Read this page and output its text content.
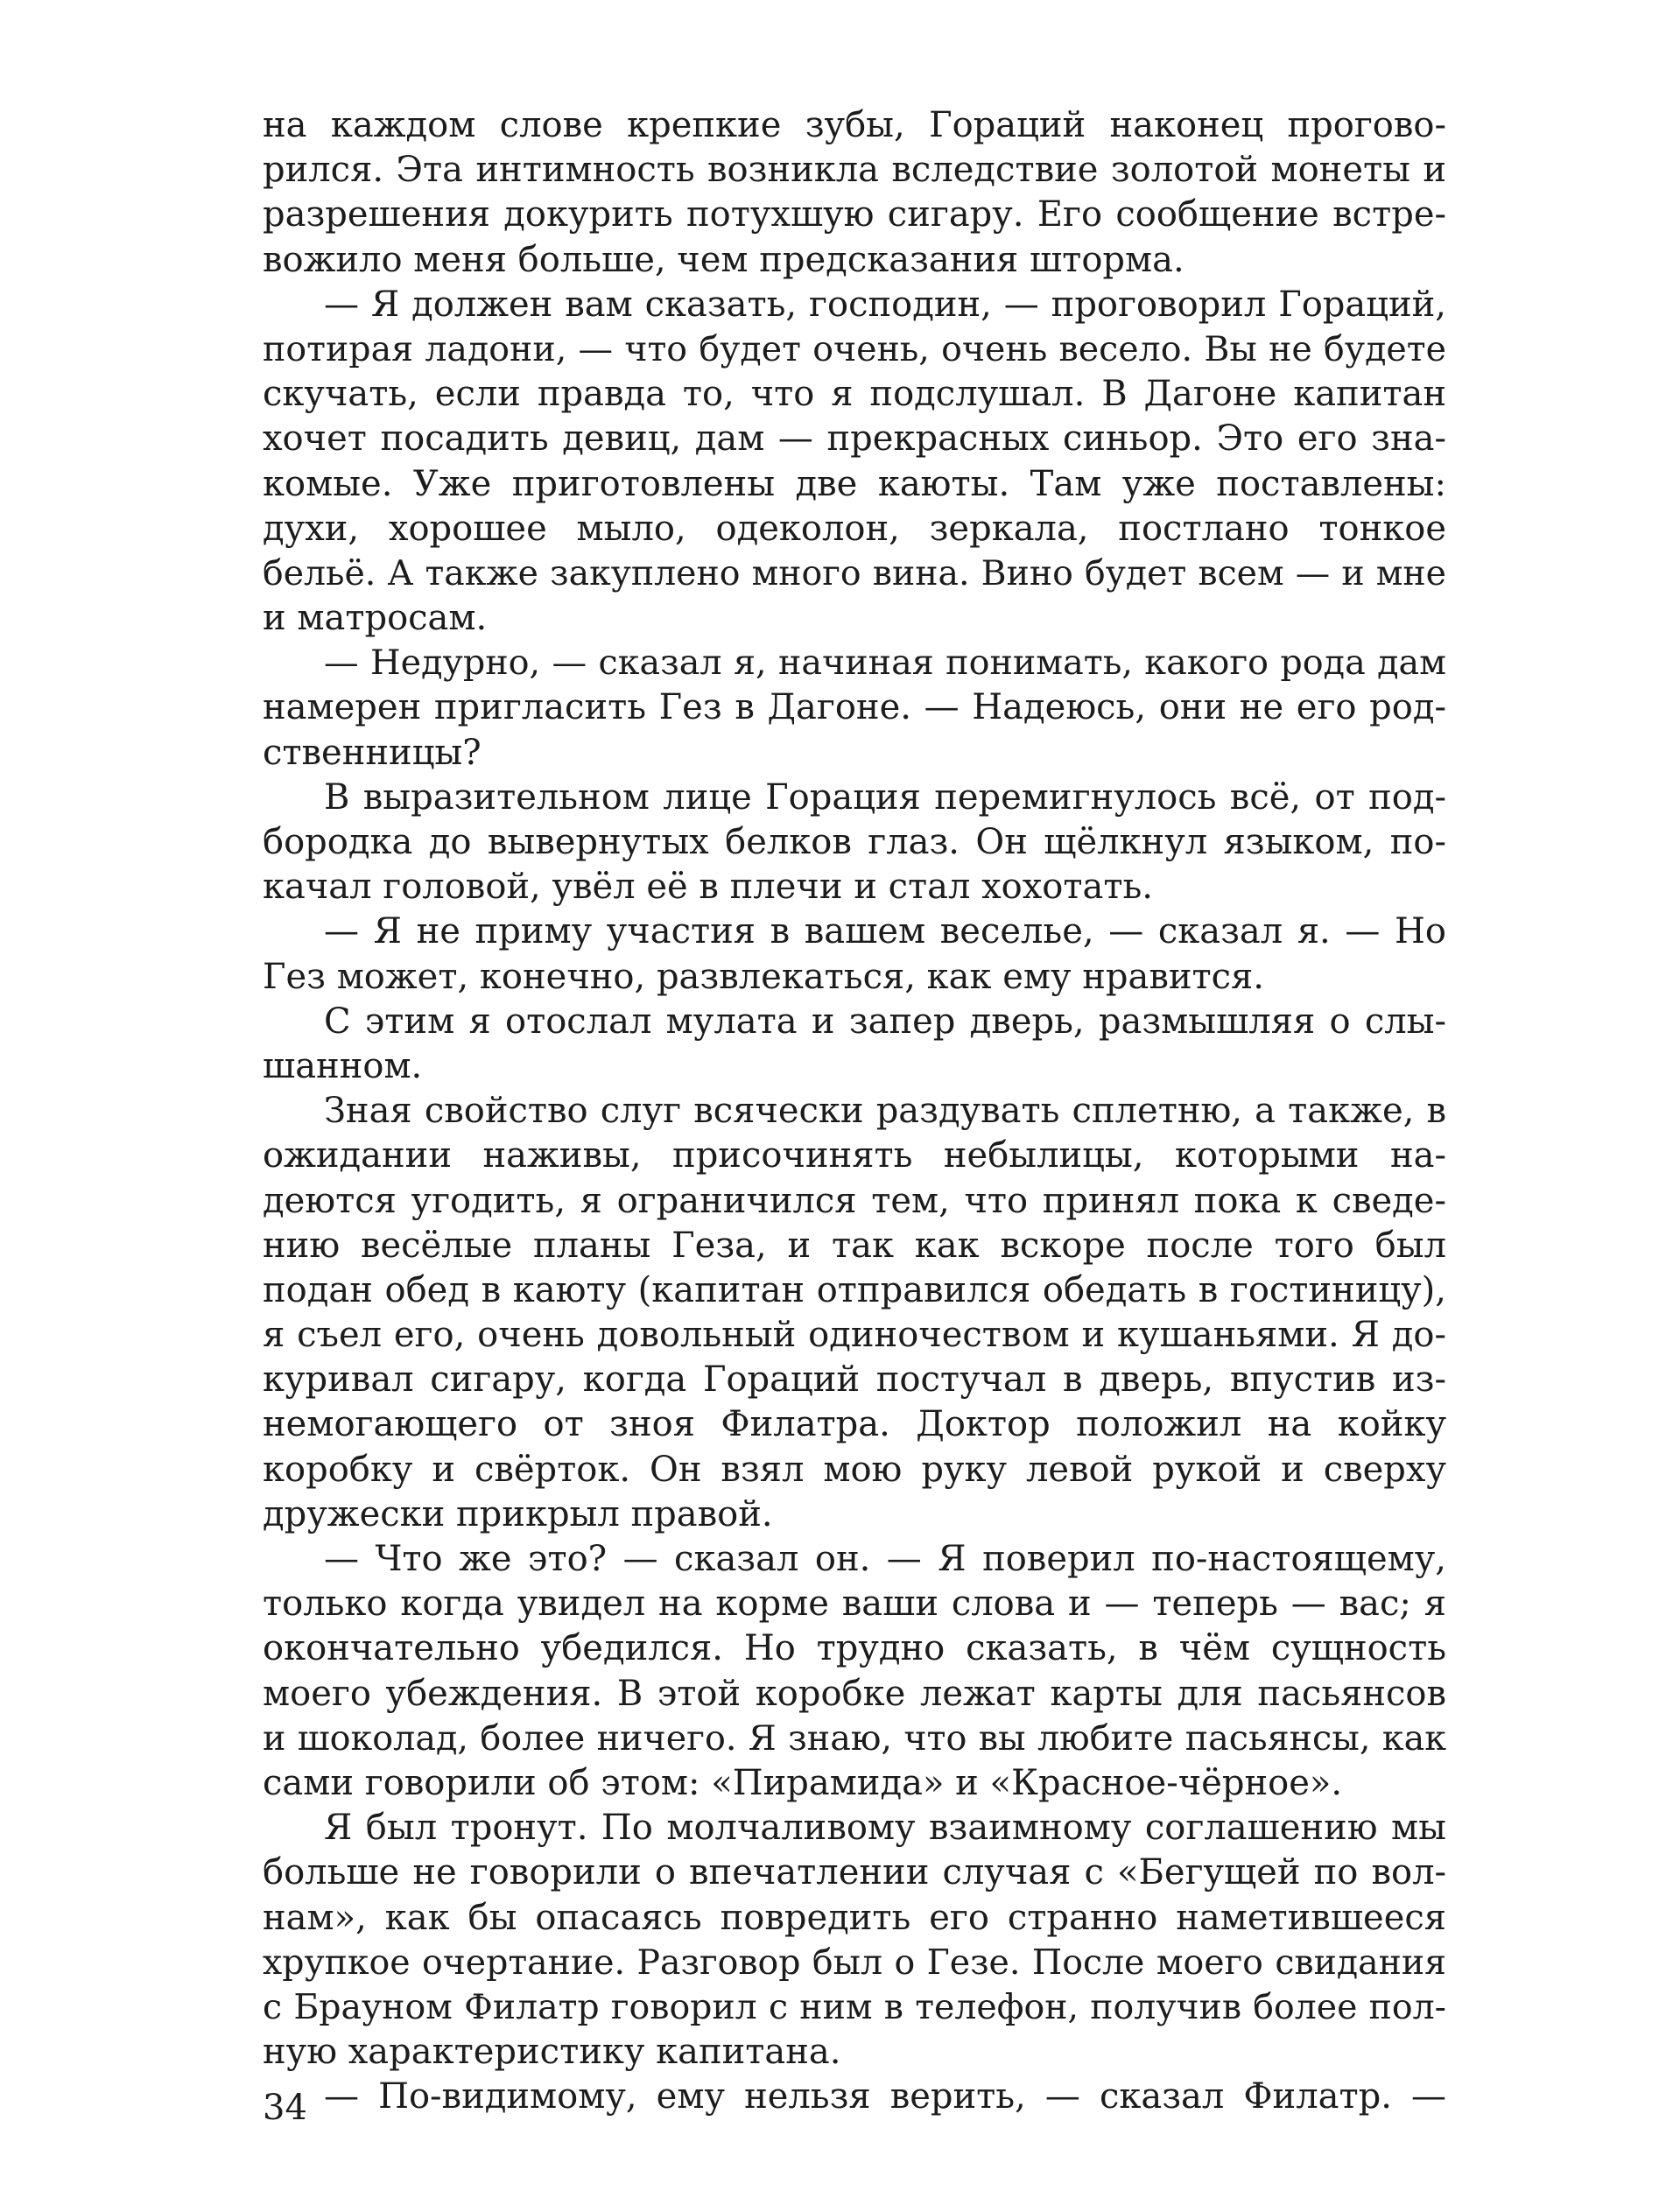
на каждом слове крепкие зубы, Гораций наконец прогово-
рился. Эта интимность возникла вследствие золотой монеты и
разрешения докурить потухшую сигару. Его сообщение встре-
вожило меня больше, чем предсказания шторма.
— Я должен вам сказать, господин, — проговорил Гораций,
потирая ладони, — что будет очень, очень весело. Вы не будете
скучать, если правда то, что я подслушал. В Дагоне капитан
хочет посадить девиц, дам — прекрасных синьор. Это его зна-
комые. Уже приготовлены две каюты. Там уже поставлены:
духи, хорошее мыло, одеколон, зеркала, постлано тонкое
бельё. А также закуплено много вина. Вино будет всем — и мне
и матросам.
— Недурно, — сказал я, начиная понимать, какого рода дам
намерен пригласить Гез в Дагоне. — Надеюсь, они не его род-
ственницы?
В выразительном лице Горация перемигнулось всё, от под-
бородка до вывернутых белков глаз. Он щёлкнул языком, по-
качал головой, увёл её в плечи и стал хохотать.
— Я не приму участия в вашем веселье, — сказал я. — Но
Гез может, конечно, развлекаться, как ему нравится.
С этим я отослал мулата и запер дверь, размышляя о слы-
шанном.
Зная свойство слуг всячески раздувать сплетню, а также, в
ожидании наживы, присочинять небылицы, которыми на-
деются угодить, я ограничился тем, что принял пока к сведе-
нию весёлые планы Геза, и так как вскоре после того был
подан обед в каюту (капитан отправился обедать в гостиницу),
я съел его, очень довольный одиночеством и кушаньями. Я до-
куривал сигару, когда Гораций постучал в дверь, впустив из-
немогающего от зноя Филатра. Доктор положил на койку
коробку и свёрток. Он взял мою руку левой рукой и сверху
дружески прикрыл правой.
— Что же это? — сказал он. — Я поверил по-настоящему,
только когда увидел на корме ваши слова и — теперь — вас; я
окончательно убедился. Но трудно сказать, в чём сущность
моего убеждения. В этой коробке лежат карты для пасьянсов
и шоколад, более ничего. Я знаю, что вы любите пасьянсы, как
сами говорили об этом: «Пирамида» и «Красное-чёрное».
Я был тронут. По молчаливому взаимному соглашению мы
больше не говорили о впечатлении случая с «Бегущей по вол-
нам», как бы опасаясь повредить его странно наметившееся
хрупкое очертание. Разговор был о Гезе. После моего свидания
с Брауном Филатр говорил с ним в телефон, получив более пол-
ную характеристику капитана.
— По-видимому, ему нельзя верить, — сказал Филатр. —
34
